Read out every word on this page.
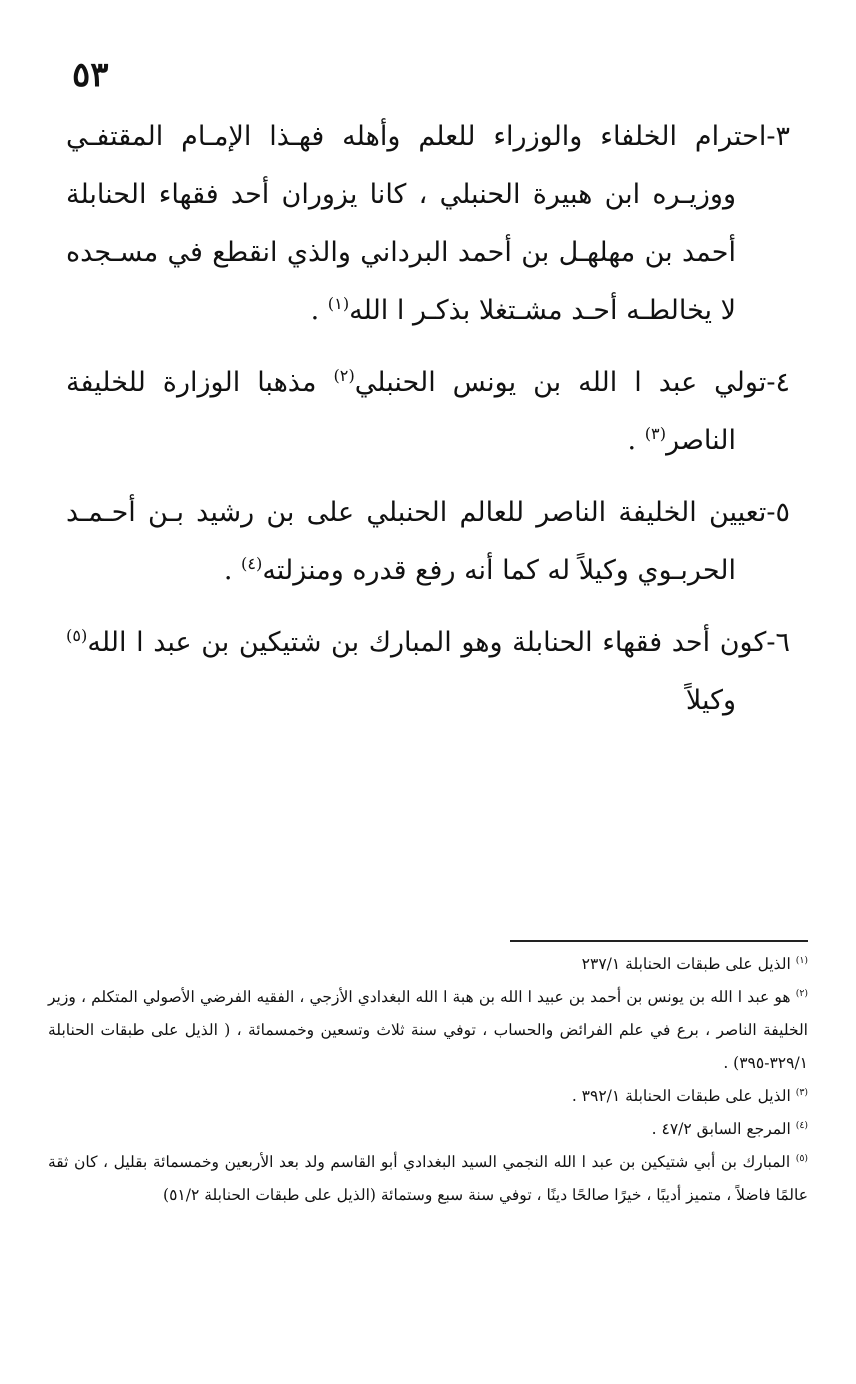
٥٣

٣-احترام الخلفاء والوزراء للعلم وأهله فهـذا الإمـام المقتفـي ووزيـره ابن هبيرة الحنبلي ، كانا يزوران أحد فقهاء الحنابلة أحمد بن مهلهـل بن أحمد البرداني والذي انقطع في مسـجده لا يخالطـه أحـد مشـتغلا بذكـر ا الله$^{(١)}$ .

٤-تولي عبد ا الله بن يونس الحنبلي$^{(٢)}$ مذهبا الوزارة للخليفة الناصر$^{(٣)}$ .

٥-تعيين الخليفة الناصر للعالم الحنبلي على بن رشيد بـن أحـمـد الحربـوي وكيلاً له كما أنه رفع قدره ومنزلته$^{(٤)}$ .

٦-كون أحد فقهاء الحنابلة وهو المبارك بن شتيكين بن عبد ا الله$^{(٥)}$ وكيلاً

$^{(١)}$ الذيل على طبقات الحنابلة ٢٣٧/١

$^{(٢)}$ هو عبد ا الله بن يونس بن أحمد بن عبيد ا الله بن هبة ا الله البغدادي الأزجي ، الفقيه الفرضي الأصولي المتكلم ، وزير الخليفة الناصر ، برع في علم الفرائض والحساب ، توفي سنة ثلاث وتسعين وخمسمائة ، ( الذيل على طبقات الحنابلة ٣٢٩/١-٣٩٥) .

$^{(٣)}$ الذيل على طبقات الحنابلة ٣٩٢/١ .

$^{(٤)}$ المرجع السابق ٤٧/٢ .

$^{(٥)}$ المبارك بن أبي شتيكين بن عبد ا الله النجمي السيد البغدادي أبو القاسم ولد بعد الأربعين وخمسمائة بقليل ، كان ثقة عالمًا فاضلاً ، متميز أديبًا ، خيرًا صالحًا دينًا ، توفي سنة سبع وستمائة (الذيل على طبقات الحنابلة ٥١/٢)
